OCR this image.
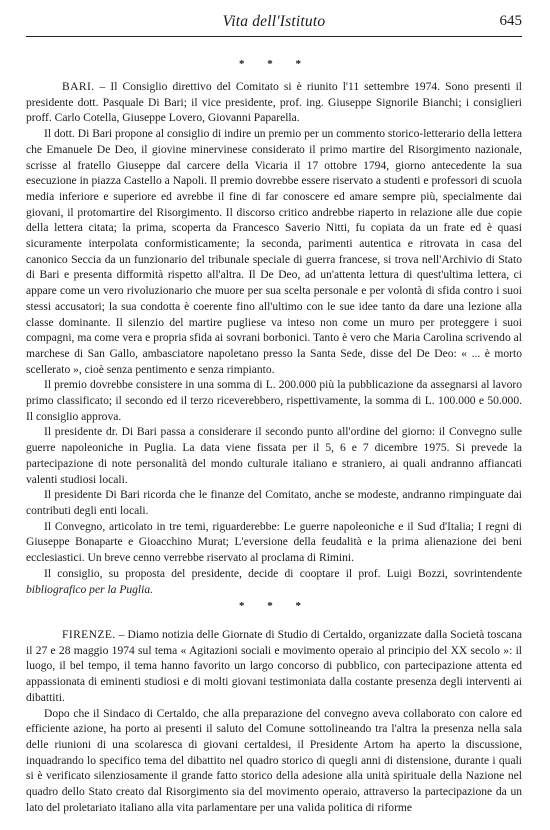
Vita dell'Istituto	645
* * *

BARI. – Il Consiglio direttivo del Comitato si è riunito l'11 settembre 1974. Sono presenti il presidente dott. Pasquale Di Bari; il vice presidente, prof. ing. Giuseppe Signorile Bianchi; i consiglieri proff. Carlo Cotella, Giuseppe Lovero, Giovanni Paparella.

Il dott. Di Bari propone al consiglio di indire un premio per un commento storico-letterario della lettera che Emanuele De Deo, il giovine minervinese considerato il primo martire del Risorgimento nazionale, scrisse al fratello Giuseppe dal carcere della Vicaria il 17 ottobre 1794, giorno antecedente la sua esecuzione in piazza Castello a Napoli. Il premio dovrebbe essere riservato a studenti e professori di scuola media inferiore e superiore ed avrebbe il fine di far conoscere ed amare sempre più, specialmente dai giovani, il protomartire del Risorgimento. Il discorso critico andrebbe riaperto in relazione alle due copie della lettera citata; la prima, scoperta da Francesco Saverio Nitti, fu copiata da un frate ed è quasi sicuramente interpolata conformisticamente; la seconda, parimenti autentica e ritrovata in casa del canonico Seccia da un funzionario del tribunale speciale di guerra francese, si trova nell'Archivio di Stato di Bari e presenta difformità rispetto all'altra. Il De Deo, ad un'attenta lettura di quest'ultima lettera, ci appare come un vero rivoluzionario che muore per sua scelta personale e per volontà di sfida contro i suoi stessi accusatori; la sua condotta è coerente fino all'ultimo con le sue idee tanto da dare una lezione alla classe dominante. Il silenzio del martire pugliese va inteso non come un muro per proteggere i suoi compagni, ma come vera e propria sfida ai sovrani borbonici. Tanto è vero che Maria Carolina scrivendo al marchese di San Gallo, ambasciatore napoletano presso la Santa Sede, disse del De Deo: « ... è morto scellerato », cioè senza pentimento e senza rimpianto.

Il premio dovrebbe consistere in una somma di L. 200.000 più la pubblicazione da assegnarsi al lavoro primo classificato; il secondo ed il terzo riceverebbero, rispettivamente, la somma di L. 100.000 e 50.000. Il consiglio approva.

Il presidente dr. Di Bari passa a considerare il secondo punto all'ordine del giorno: il Convegno sulle guerre napoleoniche in Puglia. La data viene fissata per il 5, 6 e 7 dicembre 1975. Si prevede la partecipazione di note personalità del mondo culturale italiano e straniero, ai quali andranno affiancati valenti studiosi locali.

Il presidente Di Bari ricorda che le finanze del Comitato, anche se modeste, andranno rimpinguate dai contributi degli enti locali.

Il Convegno, articolato in tre temi, riguarderebbe: Le guerre napoleoniche e il Sud d'Italia; I regni di Giuseppe Bonaparte e Gioacchino Murat; L'eversione della feudalità e la prima alienazione dei beni ecclesiastici. Un breve cenno verrebbe riservato al proclama di Rimini.

Il consiglio, su proposta del presidente, decide di cooptare il prof. Luigi Bozzi, sovrintendente bibliografico per la Puglia.

* * *

FIRENZE. – Diamo notizia delle Giornate di Studio di Certaldo, organizzate dalla Società toscana il 27 e 28 maggio 1974 sul tema « Agitazioni sociali e movimento operaio al principio del XX secolo »: il luogo, il bel tempo, il tema hanno favorito un largo concorso di pubblico, con partecipazione attenta ed appassionata di eminenti studiosi e di molti giovani testimoniata dalla costante presenza degli interventi ai dibattiti.

Dopo che il Sindaco di Certaldo, che alla preparazione del convegno aveva collaborato con calore ed efficiente azione, ha porto ai presenti il saluto del Comune sottolineando tra l'altra la presenza nella sala delle riunioni di una scolaresca di giovani certaldesi, il Presidente Artom ha aperto la discussione, inquadrando lo specifico tema del dibattito nel quadro storico di quegli anni di distensione, durante i quali si è verificato silenziosamente il grande fatto storico della adesione alla unità spirituale della Nazione nel quadro dello Stato creato dal Risorgimento sia del movimento operaio, attraverso la partecipazione da un lato del proletariato italiano alla vita parlamentare per una valida politica di riforme
